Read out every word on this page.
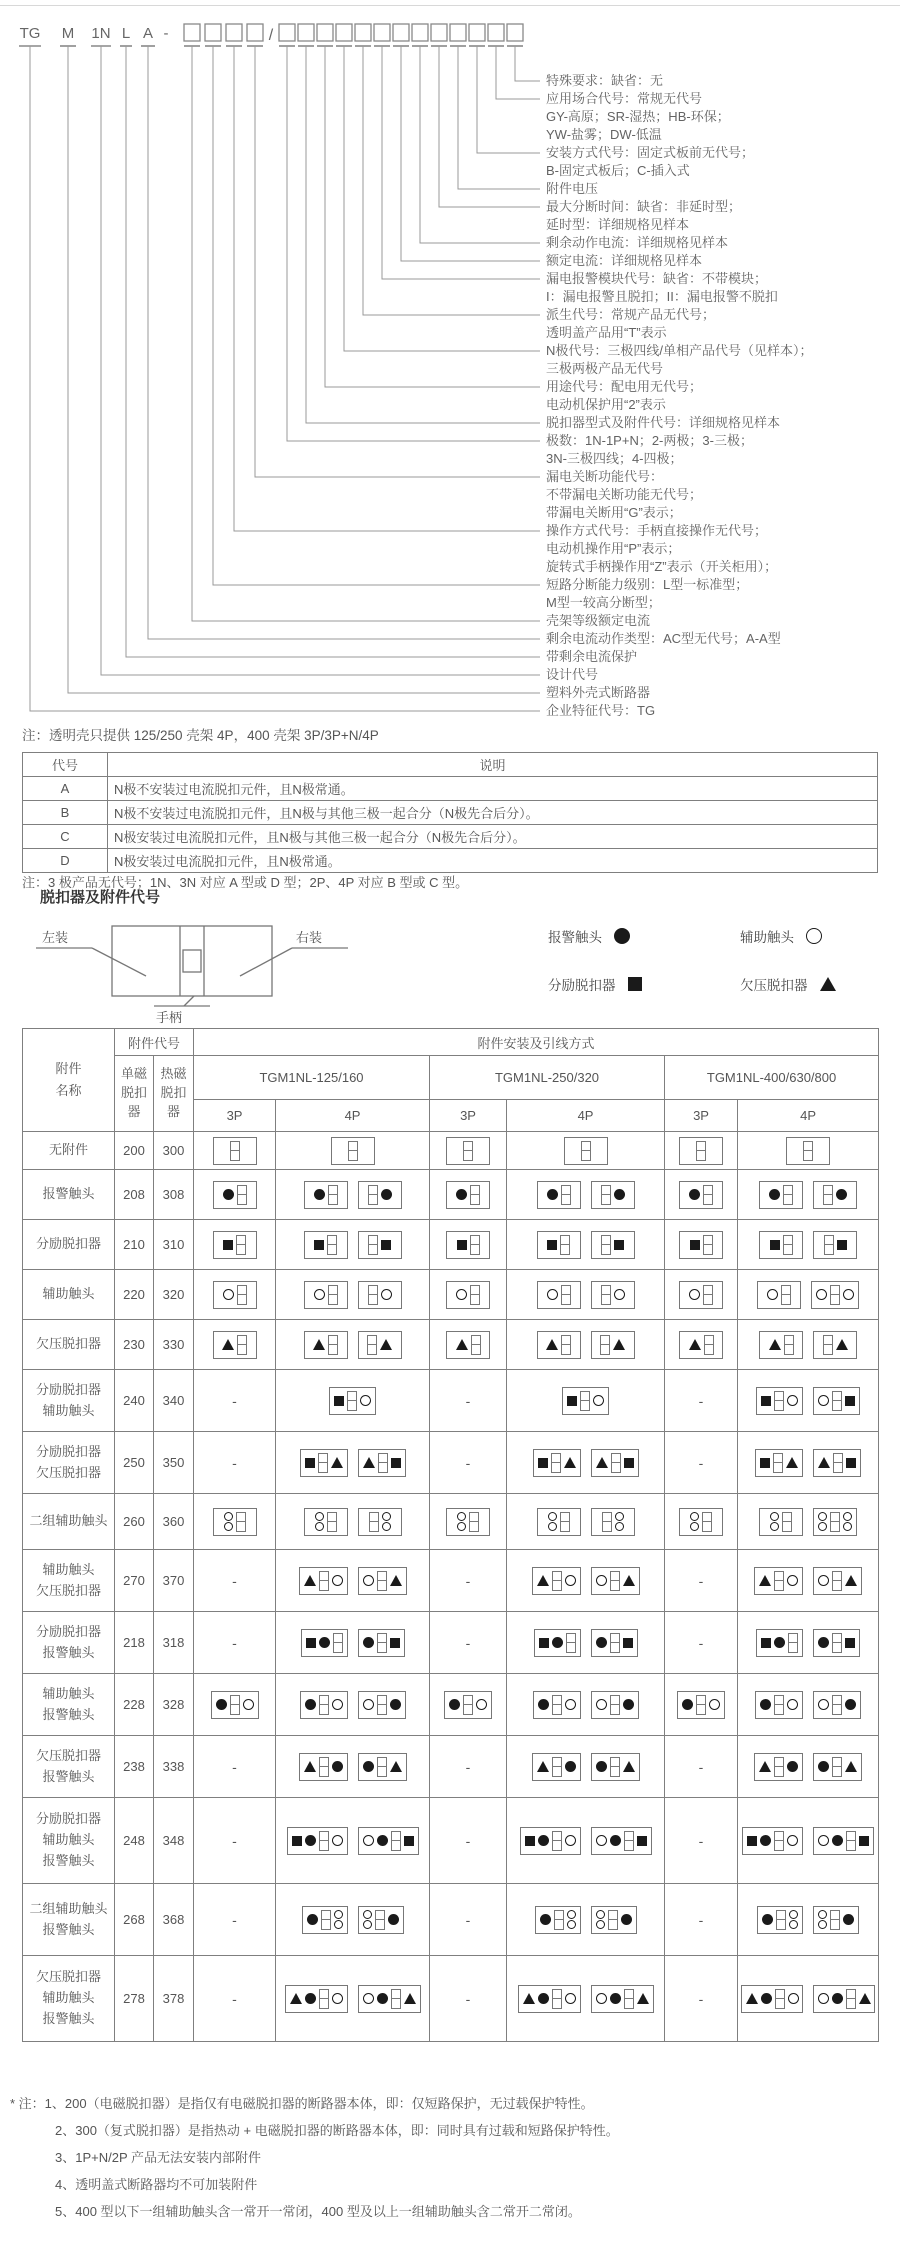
TG M 1N L A -	/
特殊要求：缺省：无
应用场合代号：常规无代号
GY-高原；SR-湿热；HB-环保；
YW-盐雾；DW-低温
安装方式代号：固定式板前无代号；
B-固定式板后；C-插入式
附件电压
最大分断时间：缺省：非延时型；
延时型：详细规格见样本
剩余动作电流：详细规格见样本
额定电流：详细规格见样本
漏电报警模块代号：缺省：不带模块；
I：漏电报警且脱扣；II：漏电报警不脱扣
派生代号：常规产品无代号；
透明盖产品用“T”表示
N极代号：三极四线/单相产品代号（见样本）；
三极两极产品无代号
用途代号：配电用无代号；
电动机保护用“2”表示
脱扣器型式及附件代号：详细规格见样本
极数：1N-1P+N；2-两极；3-三极；
3N-三极四线；4-四极；
漏电关断功能代号：
不带漏电关断功能无代号；
带漏电关断用“G”表示；
操作方式代号：手柄直接操作无代号；
电动机操作用“P”表示；
旋转式手柄操作用“Z”表示（开关柜用）；
短路分断能力级别：L型一标准型；
M型一较高分断型；
壳架等级额定电流
剩余电流动作类型：AC型无代号；A-A型
带剩余电流保护
设计代号
塑料外壳式断路器
企业特征代号：TG
注：透明壳只提供 125/250 壳架 4P，400 壳架 3P/3P+N/4P
代号	说明
A	N极不安装过电流脱扣元件，且N极常通。
B	N极不安装过电流脱扣元件，且N极与其他三极一起合分（N极先合后分）。
C	N极安装过电流脱扣元件，且N极与其他三极一起合分（N极先合后分）。
D	N极安装过电流脱扣元件，且N极常通。
注：3 极产品无代号；1N、3N 对应 A 型或 D 型；2P、4P 对应 B 型或 C 型。
脱扣器及附件代号
左装	右装
手柄
报警触头	辅助触头
分励脱扣器	欠压脱扣器
附件
名称	附件代号		附件安装及引线方式					
	单磁
脱扣
器	热磁
脱扣
器	TGM1NL-125/160		TGM1NL-250/320		TGM1NL-400/630/800	
			3P	4P	3P	4P	3P	4P
无附件	200	300	

报警触头	208	308	

分励脱扣器	210	310	

辅助触头	220	320	

欠压脱扣器	230	330	

分励脱扣器
辅助触头	240	340	-		-		-	

分励脱扣器
欠压脱扣器	250	350	-		-		-	

二组辅助触头	260	360	

辅助触头
欠压脱扣器	270	370	-		-		-	

分励脱扣器
报警触头	218	318	-		-		-	

辅助触头
报警触头	228	328	

欠压脱扣器
报警触头	238	338	-		-		-	

分励脱扣器
辅助触头
报警触头	248	348	-		-		-	

二组辅助触头
报警触头	268	368	-		-		-	

欠压脱扣器
辅助触头
报警触头	278	378	-		-		-	
* 注：1、200（电磁脱扣器）是指仅有电磁脱扣器的断路器本体，即：仅短路保护，无过载保护特性。
2、300（复式脱扣器）是指热动 + 电磁脱扣器的断路器本体，即：同时具有过载和短路保护特性。
3、1P+N/2P 产品无法安装内部附件
4、透明盖式断路器均不可加装附件
5、400 型以下一组辅助触头含一常开一常闭，400 型及以上一组辅助触头含二常开二常闭。
